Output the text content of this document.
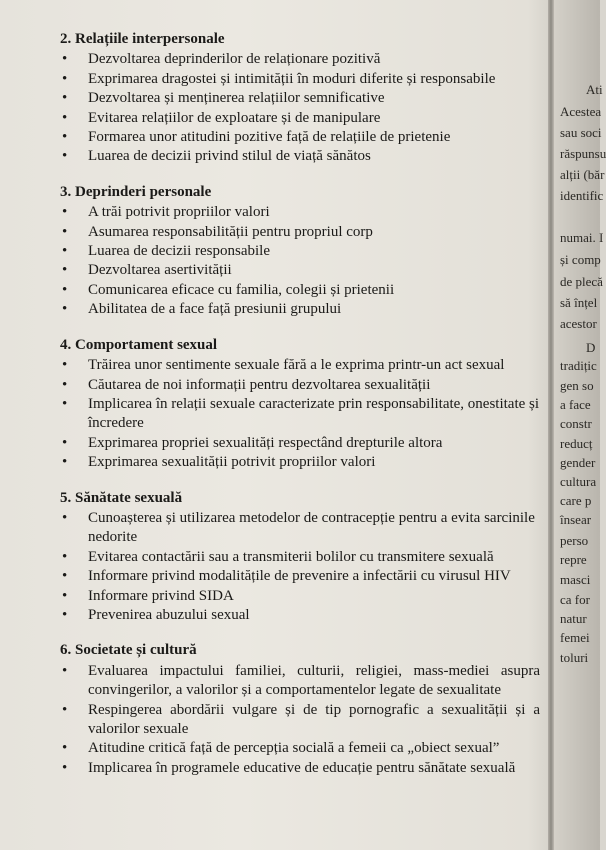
2. Relațiile interpersonale
• Dezvoltarea deprinderilor de relaționare pozitivă
• Exprimarea dragostei și intimității în moduri diferite și responsabile
• Dezvoltarea și menținerea relațiilor semnificative
• Evitarea relațiilor de exploatare și de manipulare
• Formarea unor atitudini pozitive față de relațiile de prietenie
• Luarea de decizii privind stilul de viață sănătos
3. Deprinderi personale
• A trăi potrivit propriilor valori
• Asumarea responsabilității pentru propriul corp
• Luarea de decizii responsabile
• Dezvoltarea asertivității
• Comunicarea eficace cu familia, colegii și prietenii
• Abilitatea de a face față presiunii grupului
4. Comportament sexual
• Trăirea unor sentimente sexuale fără a le exprima printr-un act sexual
• Căutarea de noi informații pentru dezvoltarea sexualității
• Implicarea în relații sexuale caracterizate prin responsabilitate, onestitate și încredere
• Exprimarea propriei sexualități respectând drepturile altora
• Exprimarea sexualității potrivit propriilor valori
5. Sănătate sexuală
• Cunoașterea și utilizarea metodelor de contracepție pentru a evita sarcinile nedorite
• Evitarea contactării sau a transmiterii bolilor cu transmitere sexuală
• Informare privind modalitățile de prevenire a infectării cu virusul HIV
• Informare privind SIDA
• Prevenirea abuzului sexual
6. Societate și cultură
• Evaluarea impactului familiei, culturii, religiei, mass-mediei asupra convingerilor, a valorilor și a comportamentelor legate de sexualitate
• Respingerea abordării vulgare și de tip pornografic a sexualității și a valorilor sexuale
• Atitudine critică față de percepția socială a femeii ca „obiect sexual”
• Implicarea în programele educative de educație pentru sănătate sexuală
Ati
Acestea
sau soci
răspunsu
alții (băr
identific
numai. I
și comp
de plecă
să înțel
acestor
D
tradițic
gen so
a face
constr
reducț
gender
cultura
care p
însear
perso
repre
masci
ca for
natur
femei
toluri
